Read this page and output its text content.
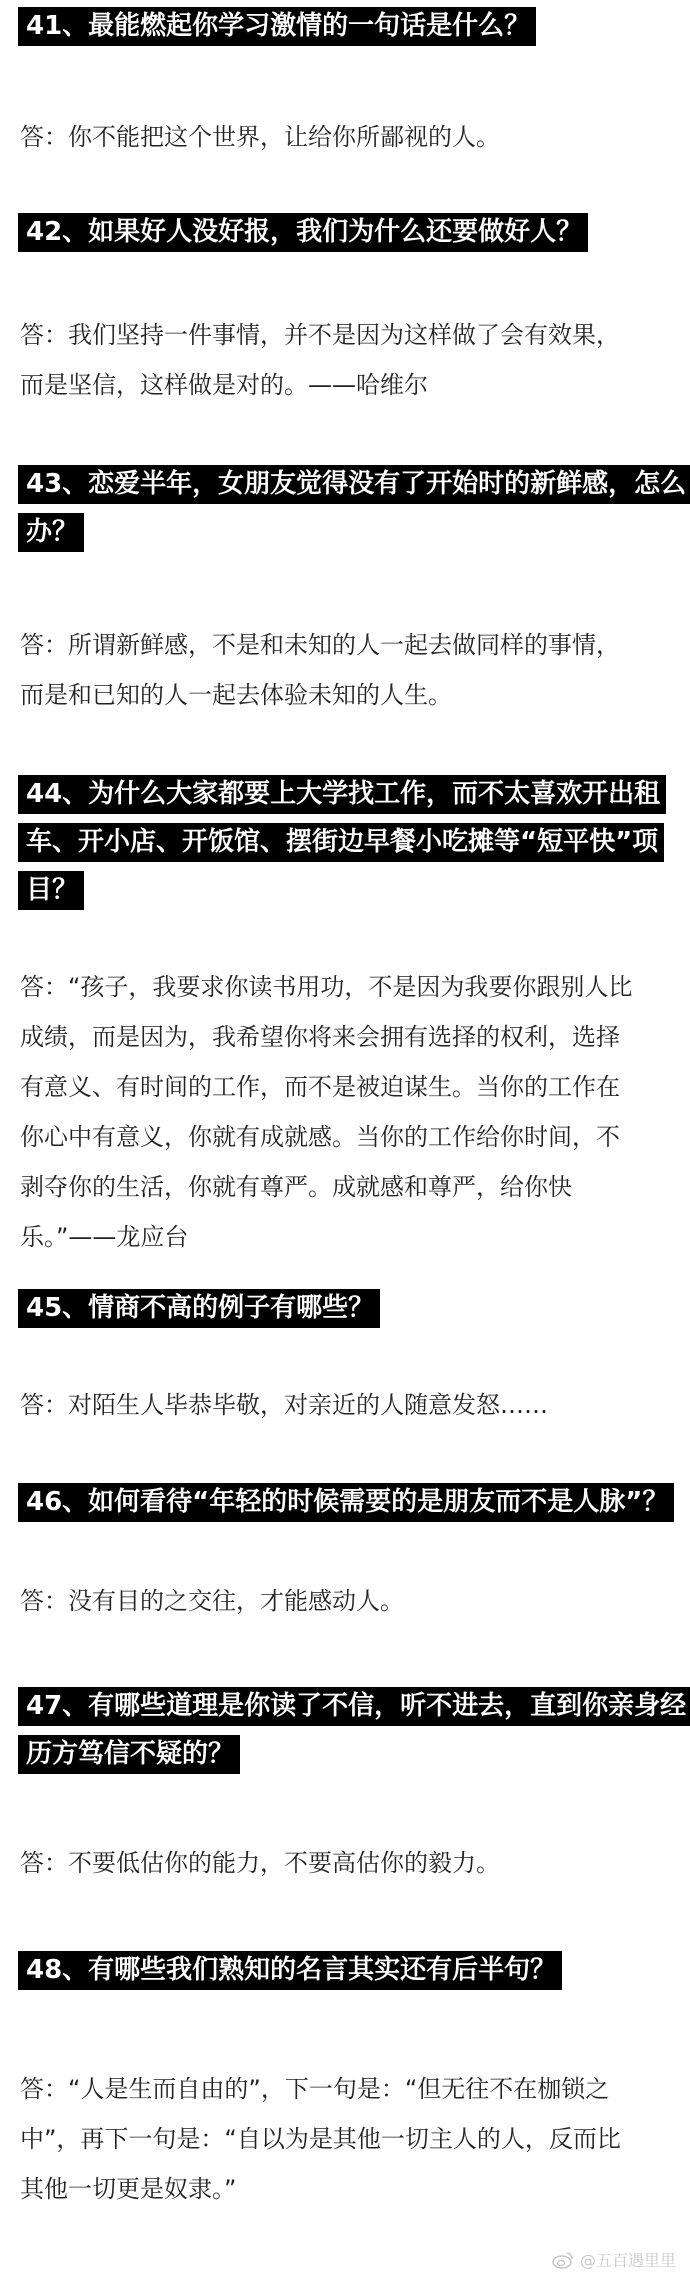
41、最能燃起你学习激情的一句话是什么？
答：你不能把这个世界，让给你所鄙视的人。
42、如果好人没好报，我们为什么还要做好人？
答：我们坚持一件事情，并不是因为这样做了会有效果，
而是坚信，这样做是对的。——哈维尔
43、恋爱半年，女朋友觉得没有了开始时的新鲜感，怎么
办？
答：所谓新鲜感，不是和未知的人一起去做同样的事情，
而是和已知的人一起去体验未知的人生。
44、为什么大家都要上大学找工作，而不太喜欢开出租
车、开小店、开饭馆、摆街边早餐小吃摊等“短平快”项
目？
答：“孩子，我要求你读书用功，不是因为我要你跟别人比
成绩，而是因为，我希望你将来会拥有选择的权利，选择
有意义、有时间的工作，而不是被迫谋生。当你的工作在
你心中有意义，你就有成就感。当你的工作给你时间，不
剥夺你的生活，你就有尊严。成就感和尊严，给你快
乐。”——龙应台
45、情商不高的例子有哪些？
答：对陌生人毕恭毕敬，对亲近的人随意发怒……
46、如何看待“年轻的时候需要的是朋友而不是人脉”？
答：没有目的之交往，才能感动人。
47、有哪些道理是你读了不信，听不进去，直到你亲身经
历方笃信不疑的？
答：不要低估你的能力，不要高估你的毅力。
48、有哪些我们熟知的名言其实还有后半句？
答：“人是生而自由的”，下一句是：“但无往不在枷锁之
中”，再下一句是：“自以为是其他一切主人的人，反而比
其他一切更是奴隶。”
@五百遇里里
